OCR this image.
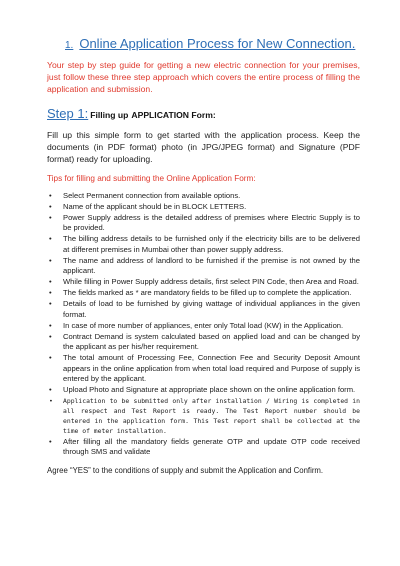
1. Online Application Process for New Connection.

Your step by step guide for getting a new electric connection for your premises, just follow these three step approach which covers the entire process of filling the application and submission.

Step 1: Filling up APPLICATION Form:

Fill up this simple form to get started with the application process. Keep the documents (in PDF format) photo (in JPG/JPEG format) and Signature (PDF format) ready for uploading.

Tips for filling and submitting the Online Application Form:
• Select Permanent connection from available options.
• Name of the applicant should be in BLOCK LETTERS.
• Power Supply address is the detailed address of premises where Electric Supply is to be provided.
• The billing address details to be furnished only if the electricity bills are to be delivered at different premises in Mumbai other than power supply address.
• The name and address of landlord to be furnished if the premise is not owned by the applicant.
• While filling in Power Supply address details, first select PIN Code, then Area and Road.
• The fields marked as * are mandatory fields to be filled up to complete the application.
• Details of load to be furnished by giving wattage of individual appliances in the given format.
• In case of more number of appliances, enter only Total load (KW) in the Application.
• Contract Demand is system calculated based on applied load and can be changed by the applicant as per his/her requirement.
• The total amount of Processing Fee, Connection Fee and Security Deposit Amount appears in the online application from when total load required and Purpose of supply is entered by the applicant.
• Upload Photo and Signature at appropriate place shown on the online application form.
• Application to be submitted only after installation / Wiring is completed in all respect and Test Report is ready. The Test Report number should be entered in the application form. This Test report shall be collected at the time of meter installation.
• After filling all the mandatory fields generate OTP and update OTP code received through SMS and validate
Agree “YES” to the conditions of supply and submit the Application and Confirm.
